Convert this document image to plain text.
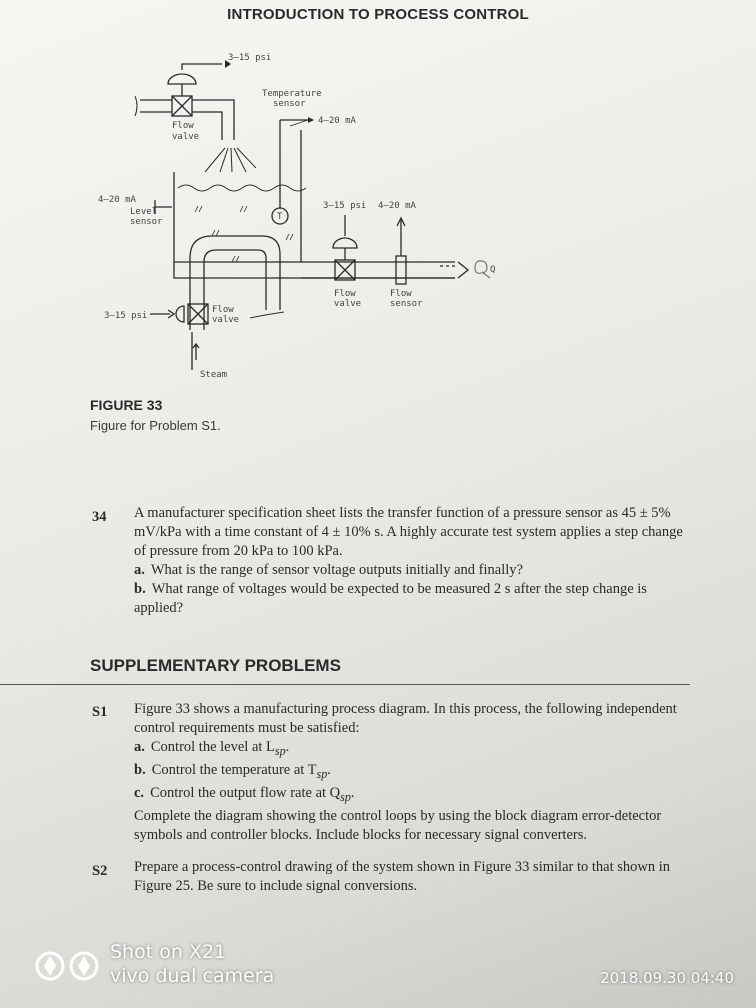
INTRODUCTION TO PROCESS CONTROL
3–15 psi
Temperature
sensor
4–20 mA
Flow
valve
4–20 mA
Level
sensor
3–15 psi 4–20 mA
T
Flow
valve
Flow
sensor
3–15 psi
Flow
valve
Steam
Q
FIGURE 33
Figure for Problem S1.
34 A manufacturer specification sheet lists the transfer function of a pressure sensor as 45 ± 5% mV/kPa with a time constant of 4 ± 10% s. A highly accurate test system applies a step change of pressure from 20 kPa to 100 kPa.
a. What is the range of sensor voltage outputs initially and finally?
b. What range of voltages would be expected to be measured 2 s after the step change is applied?
SUPPLEMENTARY PROBLEMS
S1 Figure 33 shows a manufacturing process diagram. In this process, the following independent control requirements must be satisfied:
a. Control the level at $L_{sp}$.
b. Control the temperature at $T_{sp}$.
c. Control the output flow rate at $Q_{sp}$.
Complete the diagram showing the control loops by using the block diagram error-detector symbols and controller blocks. Include blocks for necessary signal converters.
S2 Prepare a process-control drawing of the system shown in Figure 33 similar to that shown in Figure 25. Be sure to include signal conversions.
Shot on X21
vivo dual camera	2018.09.30 04:40
